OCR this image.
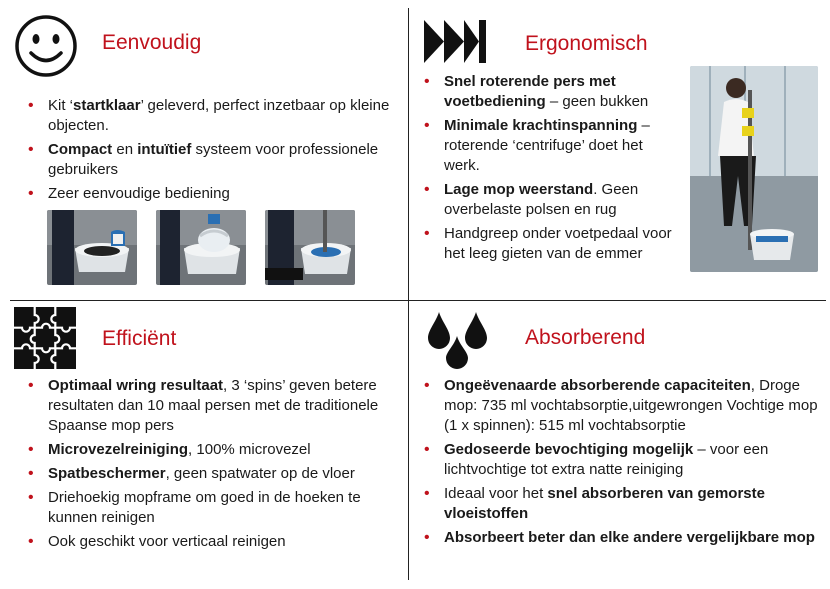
Eenvoudig
• Kit ‘startklaar’ geleverd, perfect inzetbaar op kleine objecten.
• Compact en intuïtief systeem voor professionele gebruikers
• Zeer eenvoudige bediening
Ergonomisch
• Snel roterende pers met voetbediening – geen bukken
• Minimale krachtinspanning – roterende ‘centrifuge’ doet het werk.
• Lage mop weerstand. Geen overbelaste polsen en rug
• Handgreep onder voetpedaal voor het leeg gieten van de emmer
Efficiënt
• Optimaal wring resultaat, 3 ‘spins’ geven betere resultaten dan 10 maal persen met de traditionele Spaanse mop pers
• Microvezelreiniging, 100% microvezel
• Spatbeschermer, geen spatwater op de vloer
• Driehoekig mopframe om goed in de hoeken te kunnen reinigen
• Ook geschikt voor verticaal reinigen
Absorberend
• Ongeëvenaarde absorberende capaciteiten, Droge mop: 735 ml vochtabsorptie,uitgewrongen Vochtige mop (1 x spinnen): 515 ml vochtabsorptie
• Gedoseerde bevochtiging mogelijk – voor een lichtvochtige tot extra natte reiniging
• Ideaal voor het snel absorberen van gemorste vloeistoffen
• Absorbeert beter dan elke andere vergelijkbare mop
